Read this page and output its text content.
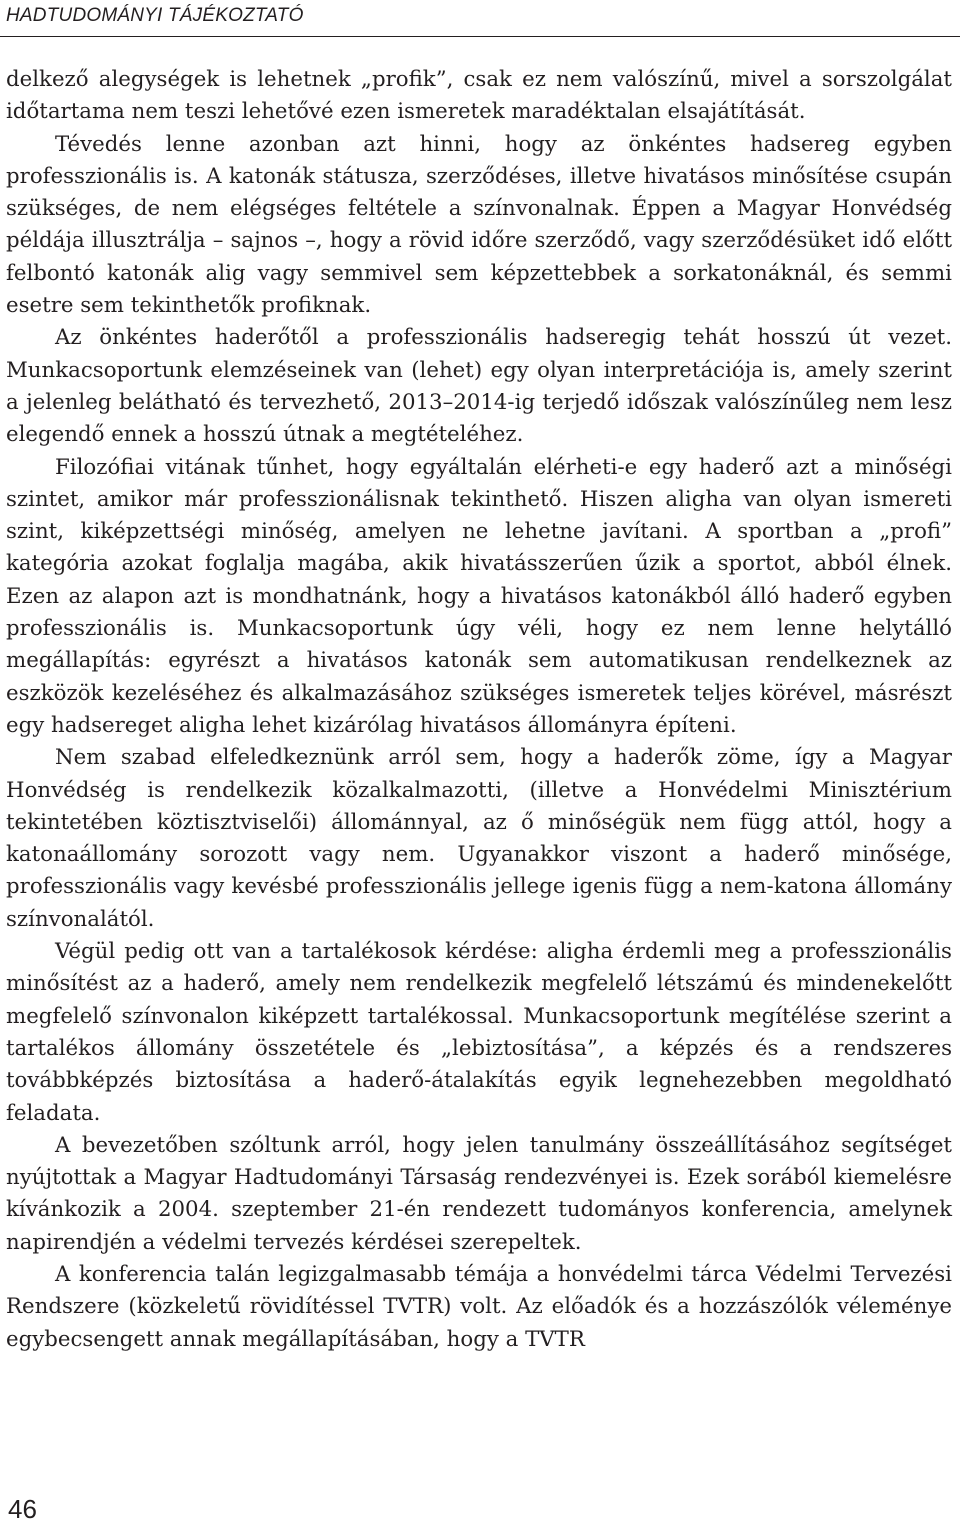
HADTUDOMÁNYI TÁJÉKOZTATÓ

delkező alegységek is lehetnek „profik”, csak ez nem valószínű, mivel a sorszolgálat időtartama nem teszi lehetővé ezen ismeretek maradéktalan elsajátítását.

Tévedés lenne azonban azt hinni, hogy az önkéntes hadsereg egyben professzionális is. A katonák státusza, szerződéses, illetve hivatásos minősítése csupán szükséges, de nem elégséges feltétele a színvonalnak. Éppen a Magyar Honvédség példája illusztrálja – sajnos –, hogy a rövid időre szerződő, vagy szerződésüket idő előtt felbontó katonák alig vagy semmivel sem képzettebbek a sorkatonáknál, és semmi esetre sem tekinthetők profiknak.

Az önkéntes haderőtől a professzionális hadseregig tehát hosszú út vezet. Munkacsoportunk elemzéseinek van (lehet) egy olyan interpretációja is, amely szerint a jelenleg belátható és tervezhető, 2013–2014-ig terjedő időszak valószínűleg nem lesz elegendő ennek a hosszú útnak a megtételéhez.

Filozófiai vitának tűnhet, hogy egyáltalán elérheti-e egy haderő azt a minőségi szintet, amikor már professzionálisnak tekinthető. Hiszen aligha van olyan ismereti szint, kiképzettségi minőség, amelyen ne lehetne javítani. A sportban a „profi” kategória azokat foglalja magába, akik hivatásszerűen űzik a sportot, abból élnek. Ezen az alapon azt is mondhatnánk, hogy a hivatásos katonákból álló haderő egyben professzionális is. Munkacsoportunk úgy véli, hogy ez nem lenne helytálló megállapítás: egyrészt a hivatásos katonák sem automatikusan rendelkeznek az eszközök kezeléséhez és alkalmazásához szükséges ismeretek teljes körével, másrészt egy hadsereget aligha lehet kizárólag hivatásos állományra építeni.

Nem szabad elfeledkeznünk arról sem, hogy a haderők zöme, így a Magyar Honvédség is rendelkezik közalkalmazotti, (illetve a Honvédelmi Minisztérium tekintetében köztisztviselői) állománnyal, az ő minőségük nem függ attól, hogy a katonaállomány sorozott vagy nem. Ugyanakkor viszont a haderő minősége, professzionális vagy kevésbé professzionális jellege igenis függ a nem-katona állomány színvonalától.

Végül pedig ott van a tartalékosok kérdése: aligha érdemli meg a professzionális minősítést az a haderő, amely nem rendelkezik megfelelő létszámú és mindenekelőtt megfelelő színvonalon kiképzett tartalékossal. Munkacsoportunk megítélése szerint a tartalékos állomány összetétele és „lebiztosítása”, a képzés és a rendszeres továbbképzés biztosítása a haderő-átalakítás egyik legnehezebben megoldható feladata.

A bevezetőben szóltunk arról, hogy jelen tanulmány összeállításához segítséget nyújtottak a Magyar Hadtudományi Társaság rendezvényei is. Ezek sorából kiemelésre kívánkozik a 2004. szeptember 21-én rendezett tudományos konferencia, amelynek napirendjén a védelmi tervezés kérdései szerepeltek.

A konferencia talán legizgalmasabb témája a honvédelmi tárca Védelmi Tervezési Rendszere (közkeletű rövidítéssel TVTR) volt. Az előadók és a hozzászólók véleménye egybecsengett annak megállapításában, hogy a TVTR

46
